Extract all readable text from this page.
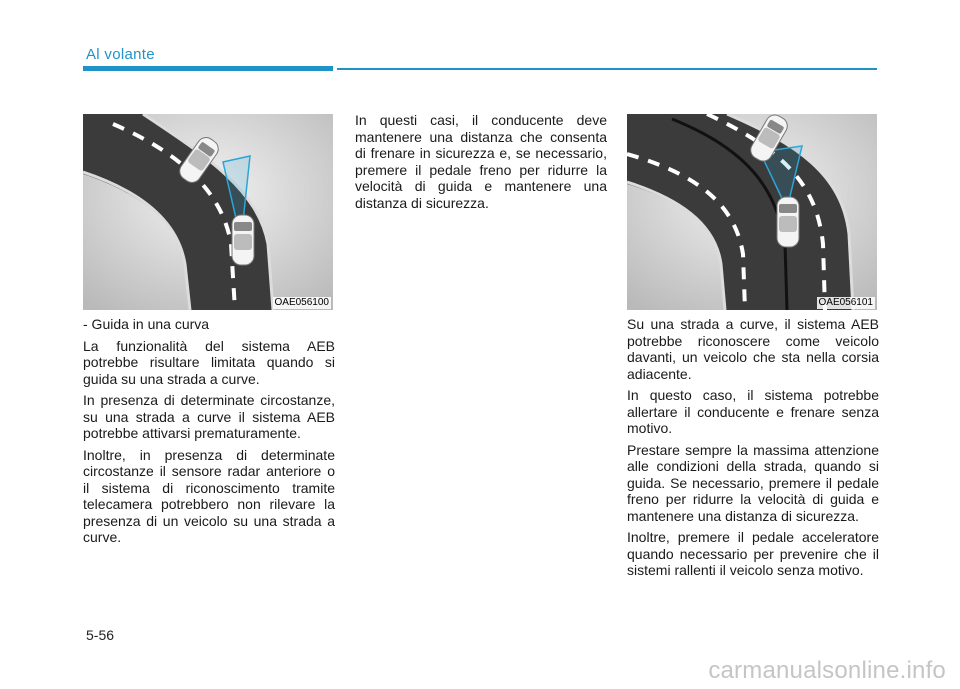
Al volante
OAE056100	OAE056101

- Guida in una curva

La funzionalità del sistema AEB potrebbe risultare limitata quando si guida su una strada a curve.

In presenza di determinate circostanze, su una strada a curve il sistema AEB potrebbe attivarsi prematuramente.

Inoltre, in presenza di determinate circostanze il sensore radar anteriore o il sistema di riconoscimento tramite telecamera potrebbero non rilevare la presenza di un veicolo su una strada a curve.

In questi casi, il conducente deve mantenere una distanza che consenta di frenare in sicurezza e, se necessario, premere il pedale freno per ridurre la velocità di guida e mantenere una distanza di sicurezza.

Su una strada a curve, il sistema AEB potrebbe riconoscere come veicolo davanti, un veicolo che sta nella corsia adiacente.

In questo caso, il sistema potrebbe allertare il conducente e frenare senza motivo.

Prestare sempre la massima attenzione alle condizioni della strada, quando si guida. Se necessario, premere il pedale freno per ridurre la velocità di guida e mantenere una distanza di sicurezza.

Inoltre, premere il pedale acceleratore quando necessario per prevenire che il sistemi rallenti il veicolo senza motivo.

5-56
carmanualsonline.info
